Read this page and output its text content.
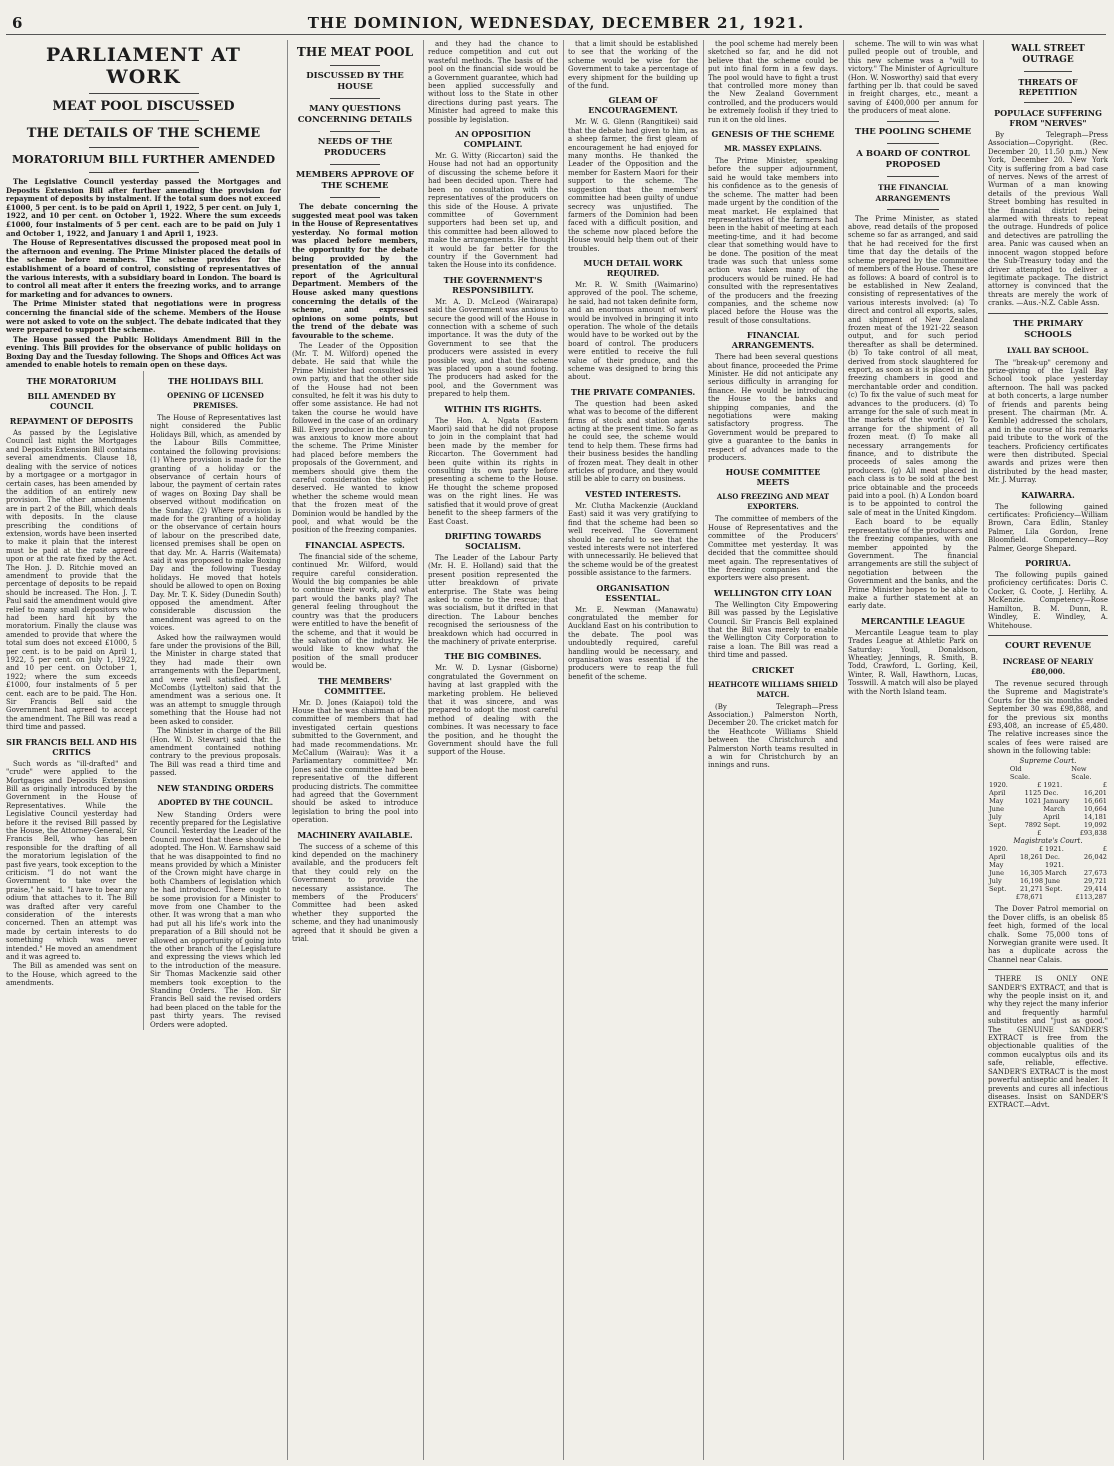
6	THE DOMINION, WEDNESDAY, DECEMBER 21, 1921.
PARLIAMENT AT WORK
MEAT POOL DISCUSSED
THE DETAILS OF THE SCHEME
MORATORIUM BILL FURTHER AMENDED

The Legislative Council yesterday passed the Mortgages and Deposits Extension Bill after further amending the provision for repayment of deposits by instalment. If the total sum does not exceed £1000, 5 per cent. is to be paid on April 1, 1922, 5 per cent. on July 1, 1922, and 10 per cent. on October 1, 1922. Where the sum exceeds £1000, four instalments of 5 per cent. each are to be paid on July 1 and October 1, 1922, and January 1 and April 1, 1923.

The House of Representatives discussed the proposed meat pool in the afternoon and evening. The Prime Minister placed the details of the scheme before members. The scheme provides for the establishment of a board of control, consisting of representatives of the various interests, with a subsidiary board in London. The board is to control all meat after it enters the freezing works, and to arrange for marketing and for advances to owners.

The Prime Minister stated that negotiations were in progress concerning the financial side of the scheme. Members of the House were not asked to vote on the subject. The debate indicated that they were prepared to support the scheme.

The House passed the Public Holidays Amendment Bill in the evening. This Bill provides for the observance of public holidays on Boxing Day and the Tuesday following. The Shops and Offices Act was amended to enable hotels to remain open on these days.

THE MORATORIUM
BILL AMENDED BY COUNCIL
REPAYMENT OF DEPOSITS

As passed by the Legislative Council last night the Mortgages and Deposits Extension Bill contains several amendments. Clause 18, dealing with the service of notices by a mortgagee or a mortgagor in certain cases, has been amended by the addition of an entirely new provision. The other amendments are in part 2 of the Bill, which deals with deposits. In the clause prescribing the conditions of extension, words have been inserted to make it plain that the interest must be paid at the rate agreed upon or at the rate fixed by the Act. The Hon. J. D. Ritchie moved an amendment to provide that the percentage of deposits to be repaid should be increased. The Hon. J. T. Paul said the amendment would give relief to many small depositors who had been hard hit by the moratorium. Finally the clause was amended to provide that where the total sum does not exceed £1000, 5 per cent. is to be paid on April 1, 1922, 5 per cent. on July 1, 1922, and 10 per cent. on October 1, 1922; where the sum exceeds £1000, four instalments of 5 per cent. each are to be paid. The Hon. Sir Francis Bell said the Government had agreed to accept the amendment. The Bill was read a third time and passed.

SIR FRANCIS BELL AND HIS CRITICS

Such words as "ill-drafted" and "crude" were applied to the Mortgages and Deposits Extension Bill as originally introduced by the Government in the House of Representatives. While the Legislative Council yesterday had before it the revised Bill passed by the House, the Attorney-General, Sir Francis Bell, who has been responsible for the drafting of all the moratorium legislation of the past five years, took exception to the criticism. "I do not want the Government to take over the praise," he said. "I have to bear any odium that attaches to it. The Bill was drafted after very careful consideration of the interests concerned. Then an attempt was made by certain interests to do something which was never intended." He moved an amendment and it was agreed to.

The Bill as amended was sent on to the House, which agreed to the amendments.

THE HOLIDAYS BILL
OPENING OF LICENSED PREMISES.

The House of Representatives last night considered the Public Holidays Bill, which, as amended by the Labour Bills Committee, contained the following provisions: (1) Where provision is made for the granting of a holiday or the observance of certain hours of labour, the payment of certain rates of wages on Boxing Day shall be observed without modification on the Sunday. (2) Where provision is made for the granting of a holiday or the observance of certain hours of labour on the prescribed date, licensed premises shall be open on that day. Mr. A. Harris (Waitemata) said it was proposed to make Boxing Day and the following Tuesday holidays. He moved that hotels should be allowed to open on Boxing Day. Mr. T. K. Sidey (Dunedin South) opposed the amendment. After considerable discussion the amendment was agreed to on the voices.

Asked how the railwaymen would fare under the provisions of the Bill, the Minister in charge stated that they had made their own arrangements with the Department, and were well satisfied. Mr. J. McCombs (Lyttelton) said that the amendment was a serious one. It was an attempt to smuggle through something that the House had not been asked to consider.

The Minister in charge of the Bill (Hon. W. D. Stewart) said that the amendment contained nothing contrary to the previous proposals. The Bill was read a third time and passed.

NEW STANDING ORDERS
ADOPTED BY THE COUNCIL.

New Standing Orders were recently prepared for the Legislative Council. Yesterday the Leader of the Council moved that these should be adopted. The Hon. W. Earnshaw said that he was disappointed to find no means provided by which a Minister of the Crown might have charge in both Chambers of legislation which he had introduced. There ought to be some provision for a Minister to move from one Chamber to the other. It was wrong that a man who had put all his life's work into the preparation of a Bill should not be allowed an opportunity of going into the other branch of the Legislature and expressing the views which led to the introduction of the measure. Sir Thomas Mackenzie said other members took exception to the Standing Orders. The Hon. Sir Francis Bell said the revised orders had been placed on the table for the past thirty years. The revised Orders were adopted.

THE MEAT POOL
DISCUSSED BY THE HOUSE
MANY QUESTIONS CONCERNING DETAILS
NEEDS OF THE PRODUCERS
MEMBERS APPROVE OF THE SCHEME

The debate concerning the suggested meat pool was taken in the House of Representatives yesterday. No formal motion was placed before members, the opportunity for the debate being provided by the presentation of the annual report of the Agricultural Department. Members of the House asked many questions concerning the details of the scheme, and expressed opinions on some points, but the trend of the debate was favourable to the scheme.

The Leader of the Opposition (Mr. T. M. Wilford) opened the debate. He said that while the Prime Minister had consulted his own party, and that the other side of the House had not been consulted, he felt it was his duty to offer some assistance. He had not taken the course he would have followed in the case of an ordinary Bill. Every producer in the country was anxious to know more about the scheme. The Prime Minister had placed before members the proposals of the Government, and members should give them the careful consideration the subject deserved. He wanted to know whether the scheme would mean that the frozen meat of the Dominion would be handled by the pool, and what would be the position of the freezing companies.

FINANCIAL ASPECTS.

The financial side of the scheme, continued Mr. Wilford, would require careful consideration. Would the big companies be able to continue their work, and what part would the banks play? The general feeling throughout the country was that the producers were entitled to have the benefit of the scheme, and that it would be the salvation of the industry. He would like to know what the position of the small producer would be.

THE MEMBERS' COMMITTEE.

Mr. D. Jones (Kaiapoi) told the House that he was chairman of the committee of members that had investigated certain questions submitted to the Government, and had made recommendations. Mr. McCallum (Wairau): Was it a Parliamentary committee? Mr. Jones said the committee had been representative of the different producing districts. The committee had agreed that the Government should be asked to introduce legislation to bring the pool into operation.

MACHINERY AVAILABLE.

The success of a scheme of this kind depended on the machinery available, and the producers felt that they could rely on the Government to provide the necessary assistance. The members of the Producers' Committee had been asked whether they supported the scheme, and they had unanimously agreed that it should be given a trial.

and they had the chance to reduce competition and cut out wasteful methods. The basis of the pool on the financial side would be a Government guarantee, which had been applied successfully and without loss to the State in other directions during past years. The Minister had agreed to make this possible by legislation.

AN OPPOSITION COMPLAINT.

Mr. G. Witty (Riccarton) said the House had not had an opportunity of discussing the scheme before it had been decided upon. There had been no consultation with the representatives of the producers on this side of the House. A private committee of Government supporters had been set up, and this committee had been allowed to make the arrangements. He thought it would be far better for the country if the Government had taken the House into its confidence.

THE GOVERNMENT'S RESPONSIBILITY.

Mr. A. D. McLeod (Wairarapa) said the Government was anxious to secure the good will of the House in connection with a scheme of such importance. It was the duty of the Government to see that the producers were assisted in every possible way, and that the scheme was placed upon a sound footing. The producers had asked for the pool, and the Government was prepared to help them.

WITHIN ITS RIGHTS.

The Hon. A. Ngata (Eastern Maori) said that he did not propose to join in the complaint that had been made by the member for Riccarton. The Government had been quite within its rights in consulting its own party before presenting a scheme to the House. He thought the scheme proposed was on the right lines. He was satisfied that it would prove of great benefit to the sheep farmers of the East Coast.

DRIFTING TOWARDS SOCIALISM.

The Leader of the Labour Party (Mr. H. E. Holland) said that the present position represented the utter breakdown of private enterprise. The State was being asked to come to the rescue; that was socialism, but it drifted in that direction. The Labour benches recognised the seriousness of the breakdown which had occurred in the machinery of private enterprise.

THE BIG COMBINES.

Mr. W. D. Lysnar (Gisborne) congratulated the Government on having at last grappled with the marketing problem. He believed that it was sincere, and was prepared to adopt the most careful method of dealing with the combines. It was necessary to face the position, and he thought the Government should have the full support of the House.

that a limit should be established to see that the working of the scheme would be wise for the Government to take a percentage of every shipment for the building up of the fund.

GLEAM OF ENCOURAGEMENT.

Mr. W. G. Glenn (Rangitikei) said that the debate had given to him, as a sheep farmer, the first gleam of encouragement he had enjoyed for many months. He thanked the Leader of the Opposition and the member for Eastern Maori for their support to the scheme. The suggestion that the members' committee had been guilty of undue secrecy was unjustified. The farmers of the Dominion had been faced with a difficult position, and the scheme now placed before the House would help them out of their troubles.

MUCH DETAIL WORK REQUIRED.

Mr. R. W. Smith (Waimarino) approved of the pool. The scheme, he said, had not taken definite form, and an enormous amount of work would be involved in bringing it into operation. The whole of the details would have to be worked out by the board of control. The producers were entitled to receive the full value of their produce, and the scheme was designed to bring this about.

THE PRIVATE COMPANIES.

The question had been asked what was to become of the different firms of stock and station agents acting at the present time. So far as he could see, the scheme would tend to help them. These firms had their business besides the handling of frozen meat. They dealt in other articles of produce, and they would still be able to carry on business.

VESTED INTERESTS.

Mr. Clutha Mackenzie (Auckland East) said it was very gratifying to find that the scheme had been so well received. The Government should be careful to see that the vested interests were not interfered with unnecessarily. He believed that the scheme would be of the greatest possible assistance to the farmers.

ORGANISATION ESSENTIAL.

Mr. E. Newman (Manawatu) congratulated the member for Auckland East on his contribution to the debate. The pool was undoubtedly required, careful handling would be necessary, and organisation was essential if the producers were to reap the full benefit of the scheme.

the pool scheme had merely been sketched so far, and he did not believe that the scheme could be put into final form in a few days. The pool would have to fight a trust that controlled more money than the New Zealand Government controlled, and the producers would be extremely foolish if they tried to run it on the old lines.

GENESIS OF THE SCHEME
MR. MASSEY EXPLAINS.

The Prime Minister, speaking before the supper adjournment, said he would take members into his confidence as to the genesis of the scheme. The matter had been made urgent by the condition of the meat market. He explained that representatives of the farmers had been in the habit of meeting at each meeting-time, and it had become clear that something would have to be done. The position of the meat trade was such that unless some action was taken many of the producers would be ruined. He had consulted with the representatives of the producers and the freezing companies, and the scheme now placed before the House was the result of those consultations.

FINANCIAL ARRANGEMENTS.

There had been several questions about finance, proceeded the Prime Minister. He did not anticipate any serious difficulty in arranging for finance. He would be introducing the House to the banks and shipping companies, and the negotiations were making satisfactory progress. The Government would be prepared to give a guarantee to the banks in respect of advances made to the producers.

HOUSE COMMITTEE MEETS
ALSO FREEZING AND MEAT EXPORTERS.

The committee of members of the House of Representatives and the committee of the Producers' Committee met yesterday. It was decided that the committee should meet again. The representatives of the freezing companies and the exporters were also present.

WELLINGTON CITY LOAN

The Wellington City Empowering Bill was passed by the Legislative Council. Sir Francis Bell explained that the Bill was merely to enable the Wellington City Corporation to raise a loan. The Bill was read a third time and passed.

CRICKET
HEATHCOTE WILLIAMS SHIELD MATCH.

(By Telegraph—Press Association.) Palmerston North, December 20. The cricket match for the Heathcote Williams Shield between the Christchurch and Palmerston North teams resulted in a win for Christchurch by an innings and runs.

scheme. The will to win was what pulled people out of trouble, and this new scheme was a "will to victory." The Minister of Agriculture (Hon. W. Nosworthy) said that every farthing per lb. that could be saved in freight charges, etc., meant a saving of £400,000 per annum for the producers of meat alone.

THE POOLING SCHEME
A BOARD OF CONTROL PROPOSED
THE FINANCIAL ARRANGEMENTS

The Prime Minister, as stated above, read details of the proposed scheme so far as arranged, and said that he had received for the first time that day the details of the scheme prepared by the committee of members of the House. These are as follows: A board of control is to be established in New Zealand, consisting of representatives of the various interests involved: (a) To direct and control all exports, sales, and shipment of New Zealand frozen meat of the 1921-22 season output, and for such period thereafter as shall be determined. (b) To take control of all meat, derived from stock slaughtered for export, as soon as it is placed in the freezing chambers in good and merchantable order and condition. (c) To fix the value of such meat for advances to the producers. (d) To arrange for the sale of such meat in the markets of the world. (e) To arrange for the shipment of all frozen meat. (f) To make all necessary arrangements for finance, and to distribute the proceeds of sales among the producers. (g) All meat placed in each class is to be sold at the best price obtainable and the proceeds paid into a pool. (h) A London board is to be appointed to control the sale of meat in the United Kingdom.

Each board to be equally representative of the producers and the freezing companies, with one member appointed by the Government. The financial arrangements are still the subject of negotiation between the Government and the banks, and the Prime Minister hopes to be able to make a further statement at an early date.

MERCANTILE LEAGUE

Mercantile League team to play Trades League at Athletic Park on Saturday: Youll, Donaldson, Wheatley, Jennings, R. Smith, B. Todd, Crawford, L. Gorling, Keil, Winter, R. Wall, Hawthorn, Lucas, Tosswill. A match will also be played with the North Island team.

WALL STREET OUTRAGE
THREATS OF REPETITION
POPULACE SUFFERING FROM "NERVES"

By Telegraph—Press Association—Copyright. (Rec. December 20, 11.50 p.m.) New York, December 20. New York City is suffering from a bad case of nerves. News of the arrest of Wurman of a man knowing details of the previous Wall Street bombing has resulted in the financial district being alarmed with threats to repeat the outrage. Hundreds of police and detectives are patrolling the area. Panic was caused when an innocent wagon stopped before the Sub-Treasury today and the driver attempted to deliver a legitimate package. The district attorney is convinced that the threats are merely the work of cranks. —Aus.-N.Z. Cable Assn.

THE PRIMARY SCHOOLS
LYALL BAY SCHOOL.

The "break-up" ceremony and prize-giving of the Lyall Bay School took place yesterday afternoon. The hall was packed at both concerts, a large number of friends and parents being present. The chairman (Mr. A. Kemble) addressed the scholars, and in the course of his remarks paid tribute to the work of the teachers. Proficiency certificates were then distributed. Special awards and prizes were then distributed by the head master, Mr. J. Murray.

KAIWARRA.

The following gained certificates: Proficiency—William Brown, Cara Edlin, Stanley Palmer, Lila Gordon, Irene Bloomfield. Competency—Roy Palmer, George Shepard.

PORIRUA.

The following pupils gained proficiency certificates: Doris C. Cocker, G. Coote, J. Herlihy, A. McKenzie. Competency—Rose Hamilton, B. M. Dunn, R. Windley, E. Windley, A. Whitehouse.

COURT REVENUE
INCREASE OF NEARLY £80,000.

The revenue secured through the Supreme and Magistrate's Courts for the six months ended September 30 was £98,888, and for the previous six months £93,408, an increase of £5,480. The relative increases since the scales of fees were raised are shown in the following table:

Supreme Court.
	Old Scale.		New Scale.
1920.	£	1921.	£
April	1125	Dec.	16,201
May	1021	January	16,661
June		March	10,664
July		April	14,181
Sept.	7892	Sept.	19,092
	£		£93,838
Magistrate's Court.
1920.	£	1921.	£
April	18,261	Dec.	26,042
May		1921.	
June	16,305	March	27,673
July	16,198	June	29,721
Sept.	21,271	Sept.	29,414
	£78,671		£113,287

The Dover Patrol memorial on the Dover cliffs, is an obelisk 85 feet high, formed of the local chalk. Some 75,000 tons of Norwegian granite were used. It has a duplicate across the Channel near Calais.

THERE IS ONLY ONE SANDER'S EXTRACT, and that is why the people insist on it, and why they reject the many inferior and frequently harmful substitutes and "just as good." The GENUINE SANDER'S EXTRACT is free from the objectionable qualities of the common eucalyptus oils and its safe, reliable, effective. SANDER'S EXTRACT is the most powerful antiseptic and healer. It prevents and cures all infectious diseases. Insist on SANDER'S EXTRACT.—Advt.
